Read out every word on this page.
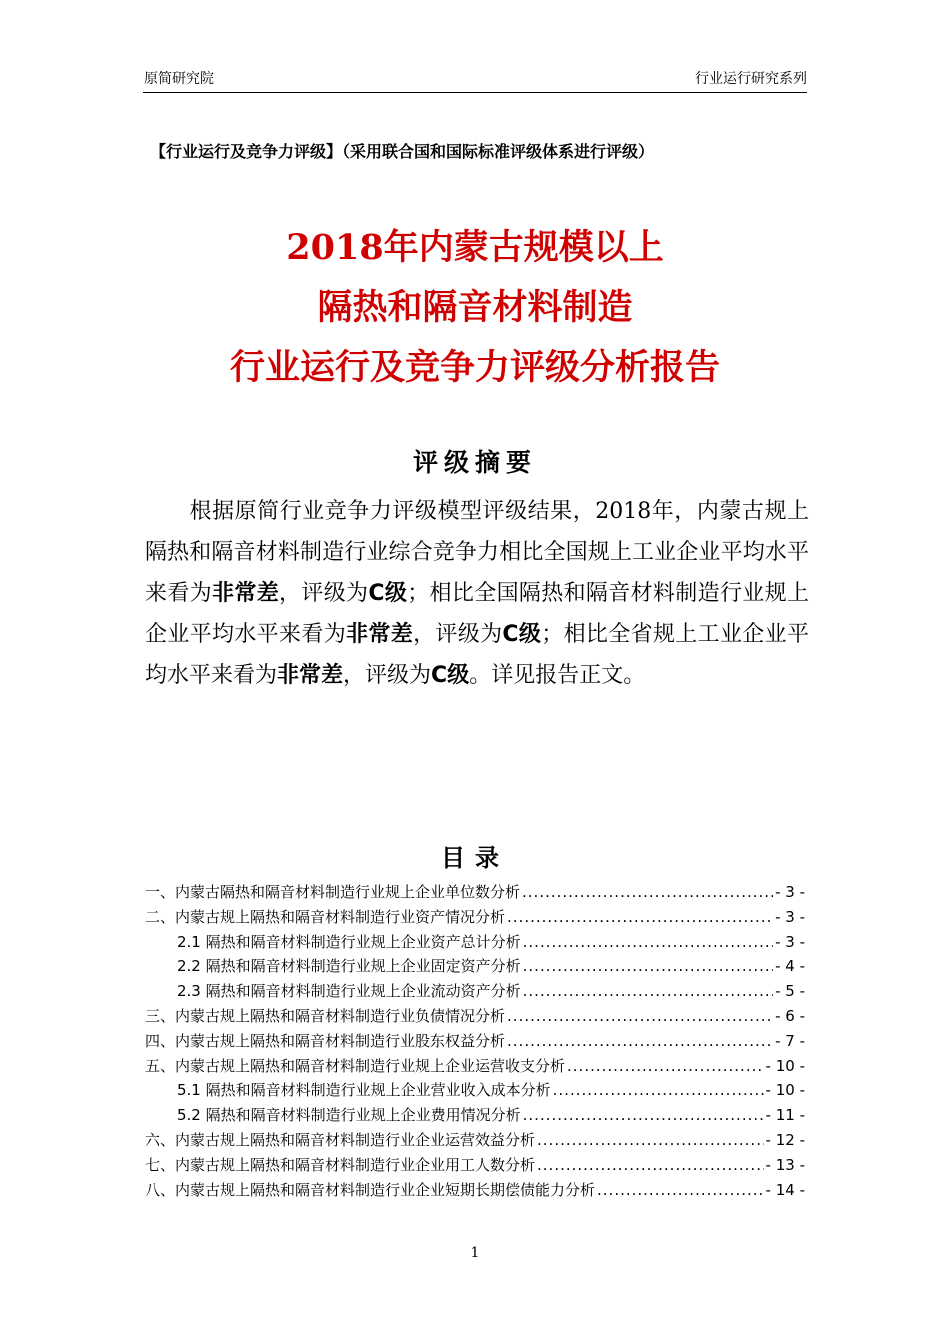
原简研究院	行业运行研究系列
【行业运行及竞争力评级】（采用联合国和国际标准评级体系进行评级）
2018年内蒙古规模以上
隔热和隔音材料制造
行业运行及竞争力评级分析报告
评级摘要
根据原简行业竞争力评级模型评级结果，2018年，内蒙古规上隔热和隔音材料制造行业综合竞争力相比全国规上工业企业平均水平来看为非常差，评级为C级；相比全国隔热和隔音材料制造行业规上企业平均水平来看为非常差，评级为C级；相比全省规上工业企业平均水平来看为非常差，评级为C级。详见报告正文。
目录
一、内蒙古隔热和隔音材料制造行业规上企业单位数分析 .....	- 3 -
二、内蒙古规上隔热和隔音材料制造行业资产情况分析 .....	- 3 -
2.1 隔热和隔音材料制造行业规上企业资产总计分析 .....	- 3 -
2.2 隔热和隔音材料制造行业规上企业固定资产分析 .....	- 4 -
2.3 隔热和隔音材料制造行业规上企业流动资产分析 .....	- 5 -
三、内蒙古规上隔热和隔音材料制造行业负债情况分析 .....	- 6 -
四、内蒙古规上隔热和隔音材料制造行业股东权益分析 .....	- 7 -
五、内蒙古规上隔热和隔音材料制造行业规上企业运营收支分析 .....	- 10 -
5.1 隔热和隔音材料制造行业规上企业营业收入成本分析 .....	- 10 -
5.2 隔热和隔音材料制造行业规上企业费用情况分析 .....	- 11 -
六、内蒙古规上隔热和隔音材料制造行业企业运营效益分析 .....	- 12 -
七、内蒙古规上隔热和隔音材料制造行业企业用工人数分析 .....	- 13 -
八、内蒙古规上隔热和隔音材料制造行业企业短期长期偿债能力分析 .....	- 14 -
1
